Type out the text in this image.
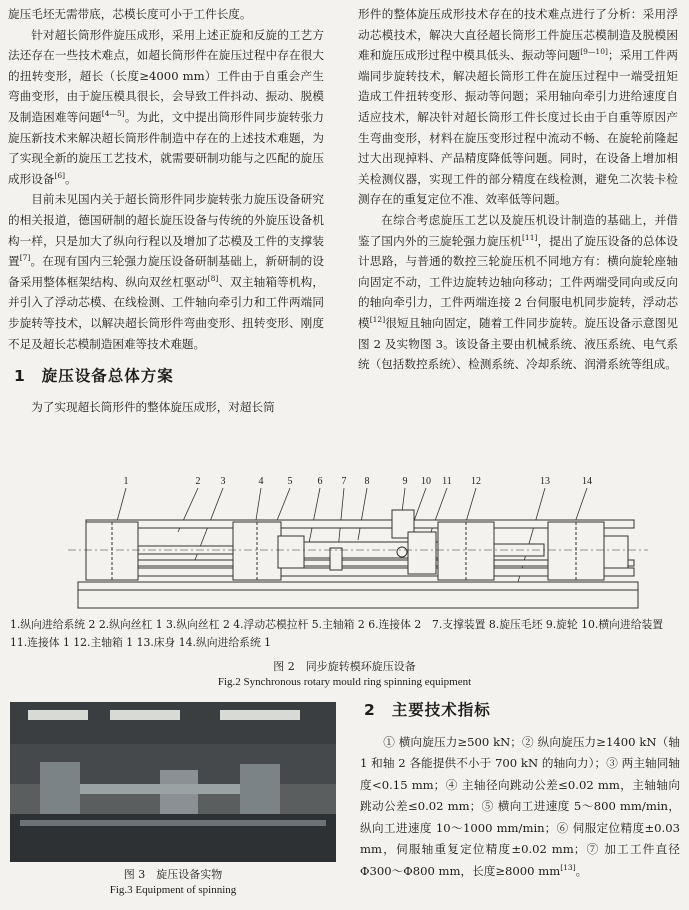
旋压毛坯无需带底，芯模长度可小于工件长度。

针对超长筒形件旋压成形，采用上述正旋和反旋的工艺方法还存在一些技术难点，如超长筒形件在旋压过程中存在很大的扭转变形，超长（长度≥4000 mm）工件由于自重会产生弯曲变形，由于旋压模具很长，会导致工件抖动、振动、脱模及制造困难等问题[4—5]。为此，文中提出筒形件同步旋转张力旋压新技术来解决超长筒形件制造中存在的上述技术难题，为了实现全新的旋压工艺技术，就需要研制功能与之匹配的旋压成形设备[6]。

目前未见国内关于超长筒形件同步旋转张力旋压设备研究的相关报道，德国研制的超长旋压设备与传统的外旋压设备机构一样，只是加大了纵向行程以及增加了芯模及工件的支撑装置[7]。在现有国内三轮强力旋压设备研制基础上，新研制的设备采用整体框架结构、纵向双丝杠驱动[8]、双主轴箱等机构，并引入了浮动芯模、在线检测、工件轴向牵引力和工件两端同步旋转等技术，以解决超长筒形件弯曲变形、扭转变形、刚度不足及超长芯模制造困难等技术难题。

1 旋压设备总体方案

为了实现超长筒形件的整体旋压成形，对超长筒

形件的整体旋压成形技术存在的技术难点进行了分析：采用浮动芯模技术，解决大直径超长筒形工件旋压芯模制造及脱模困难和旋压成形过程中模具低头、振动等问题[9—10]；采用工件两端同步旋转技术，解决超长筒形工件在旋压过程中一端受扭矩造成工件扭转变形、振动等问题；采用轴向牵引力进给速度自适应技术，解决针对超长筒形工件长度过长由于自重等原因产生弯曲变形，材料在旋压变形过程中流动不畅、在旋轮前隆起过大出现掉料、产品精度降低等问题。同时，在设备上增加相关检测仪器，实现工件的部分精度在线检测，避免二次装卡检测存在的重复定位不准、效率低等问题。

在综合考虑旋压工艺以及旋压机设计制造的基础上，并借鉴了国内外的三旋轮强力旋压机[11]，提出了旋压设备的总体设计思路，与普通的数控三轮旋压机不同地方有：横向旋轮座轴向固定不动，工件边旋转边轴向移动；工件两端受同向或反向的轴向牵引力，工件两端连接 2 台伺服电机同步旋转，浮动芯模[12]很短且轴向固定，随着工件同步旋转。旋压设备示意图见图 2 及实物图 3。该设备主要由机械系统、液压系统、电气系统（包括数控系统）、检测系统、冷却系统、润滑系统等组成。

1	2 3	4 5	6 7 8	9 10 11 12	13	14
1.纵向进给系统 2 2.纵向丝杠 1 3.纵向丝杠 2 4.浮动芯模拉杆 5.主轴箱 2 6.连接体 2　7.支撑装置 8.旋压毛坯 9.旋轮 10.横向进给装置
11.连接体 1 12.主轴箱 1 13.床身 14.纵向进给系统 1
图 2　同步旋转模环旋压设备
Fig.2 Synchronous rotary mould ring spinning equipment
图 3　旋压设备实物
Fig.3 Equipment of spinning
2 主要技术指标

① 横向旋压力≥500 kN；② 纵向旋压力≥1400 kN（轴 1 和轴 2 各能提供不小于 700 kN 的轴向力）；③ 两主轴同轴度<0.15 mm；④ 主轴径向跳动公差≤0.02 mm，主轴轴向跳动公差≤0.02 mm；⑤ 横向工进速度 5～800 mm/min，纵向工进速度 10～1000 mm/min；⑥ 伺服定位精度±0.03 mm，伺服轴重复定位精度±0.02 mm；⑦ 加工工件直径 Φ300～Φ800 mm，长度≥8000 mm[13]。
